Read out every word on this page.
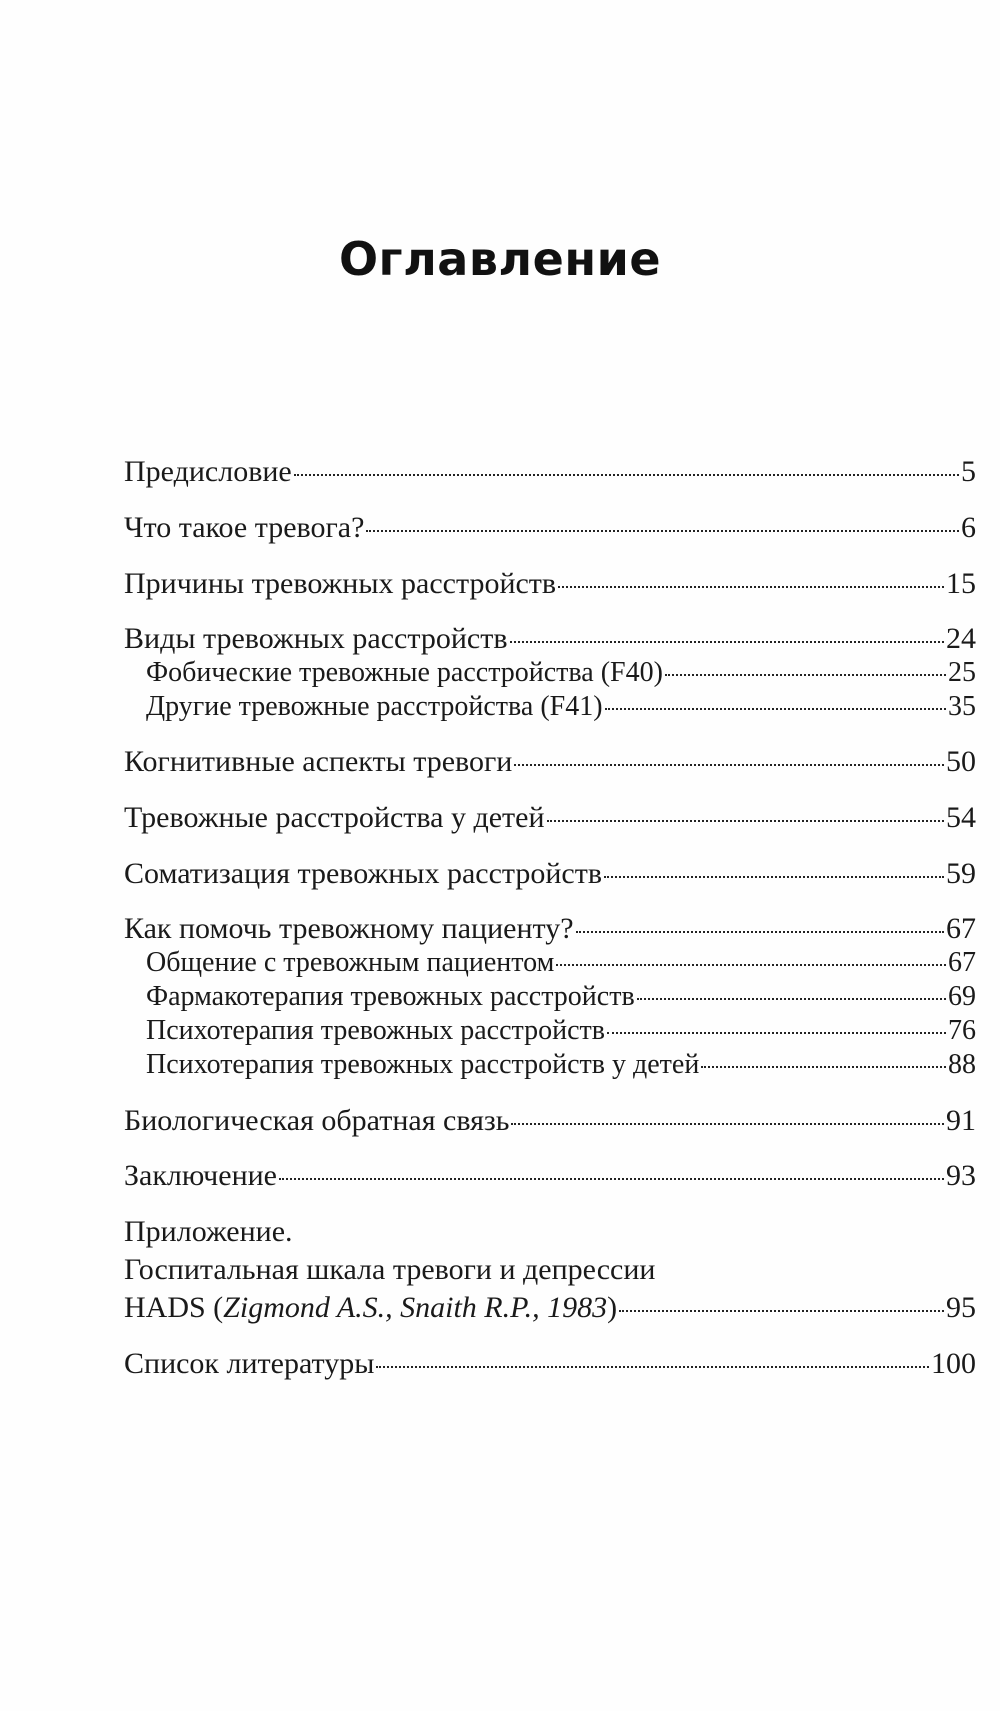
Оглавление
Предисловие	5
Что такое тревога?	6
Причины тревожных расстройств	15
Виды тревожных расстройств	24
Фобические тревожные расстройства (F40)	25
Другие тревожные расстройства (F41)	35
Когнитивные аспекты тревоги	50
Тревожные расстройства у детей	54
Соматизация тревожных расстройств	59
Как помочь тревожному пациенту?	67
Общение с тревожным пациентом	67
Фармакотерапия тревожных расстройств	69
Психотерапия тревожных расстройств	76
Психотерапия тревожных расстройств у детей	88
Биологическая обратная связь	91
Заключение	93
Приложение.
Госпитальная шкала тревоги и депрессии
HADS (Zigmond A.S., Snaith R.P., 1983)	95
Список литературы	100
